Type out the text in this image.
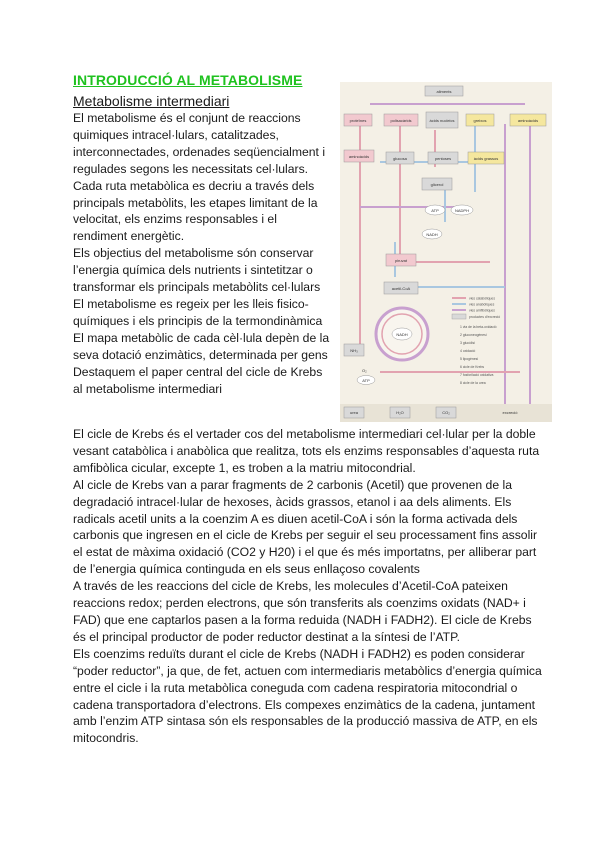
INTRODUCCIÓ AL METABOLISME
Metabolisme intermediari

El metabolisme és el conjunt de reaccions quimiques intracel·lulars, catalitzades, interconnectades, ordenades seqüencialment i regulades segons les necessitats cel·lulars.

Cada ruta metabòlica es decriu a través dels principals metabòlits, les etapes limitant de la velocitat, els enzims responsables i el rendiment energètic.

Els objectius del metabolisme són conservar l’energia química dels nutrients i sintetitzar o transformar els principals metabòlits cel·lulars

El metabolisme es regeix per les lleis fisico-químiques i els principis de la termondinàmica

El mapa metabòlic de cada cèl·lula depèn de la seva dotació enzimàtics, determinada per gens

Destaquem el paper central del cicle de Krebs al metabolisme intermediari

aliments
proteïnes	polisacàrids	àcids nucleics	greixos	aminoàcids
aminoàcids	glucosa	pentoses	àcids grassos
glicerol
ATP	NADPH
NADH
piruvat
acetil-CoA
NADH
NH₃
O₂
ATP
vies catabòliques
vies anabòliques
vies amfibòliques
productes d’excreció
1 via de la beta-oxidació
2 gluconeogènesi
3 glucòlisi
4 oxidació
5 lipogènesi
6 cicle de Krebs
7 fosforilació oxidativa
8 cicle de la urea
urea	H₂O	CO₂	excreció

El cicle de Krebs és el vertader cos del metabolisme intermediari cel·lular per la doble vesant catabòlica i anabòlica que realitza, tots els enzims responsables d’aquesta ruta amfibòlica cicular, excepte 1, es troben a la matriu mitocondrial.

Al cicle de Krebs van a parar fragments de 2 carbonis (Acetil) que provenen de la degradació intracel·lular de hexoses, àcids grassos, etanol i aa dels aliments. Els radicals acetil units a la coenzim A es diuen acetil-CoA i són la forma activada dels carbonis que ingresen en el cicle de Krebs per seguir el seu processament fins assolir el estat de màxima oxidació (CO2 y H20) i el que és més importatns, per alliberar part de l’energia química continguda en els seus enllaçoso covalents

A través de les reaccions del cicle de Krebs, les molecules d’Acetil-CoA pateixen reaccions redox; perden electrons, que són transferits als coenzims oxidats (NAD+ i FAD) que ene captarlos pasen a la forma reduida (NADH i FADH2). El cicle de Krebs és el principal productor de poder reductor destinat a la síntesi de l’ATP.

Els coenzims reduïts durant el cicle de Krebs (NADH i FADH2) es poden considerar “poder reductor”, ja que, de fet, actuen com intermediaris metabòlics d’energia química entre el cicle i la ruta metabòlica coneguda com cadena respiratoria mitocondrial o cadena transportadora d’electrons. Els compexes enzimàtics de la cadena, juntament amb l’enzim ATP sintasa són els responsables de la producció massiva de ATP, en els mitocondris.
